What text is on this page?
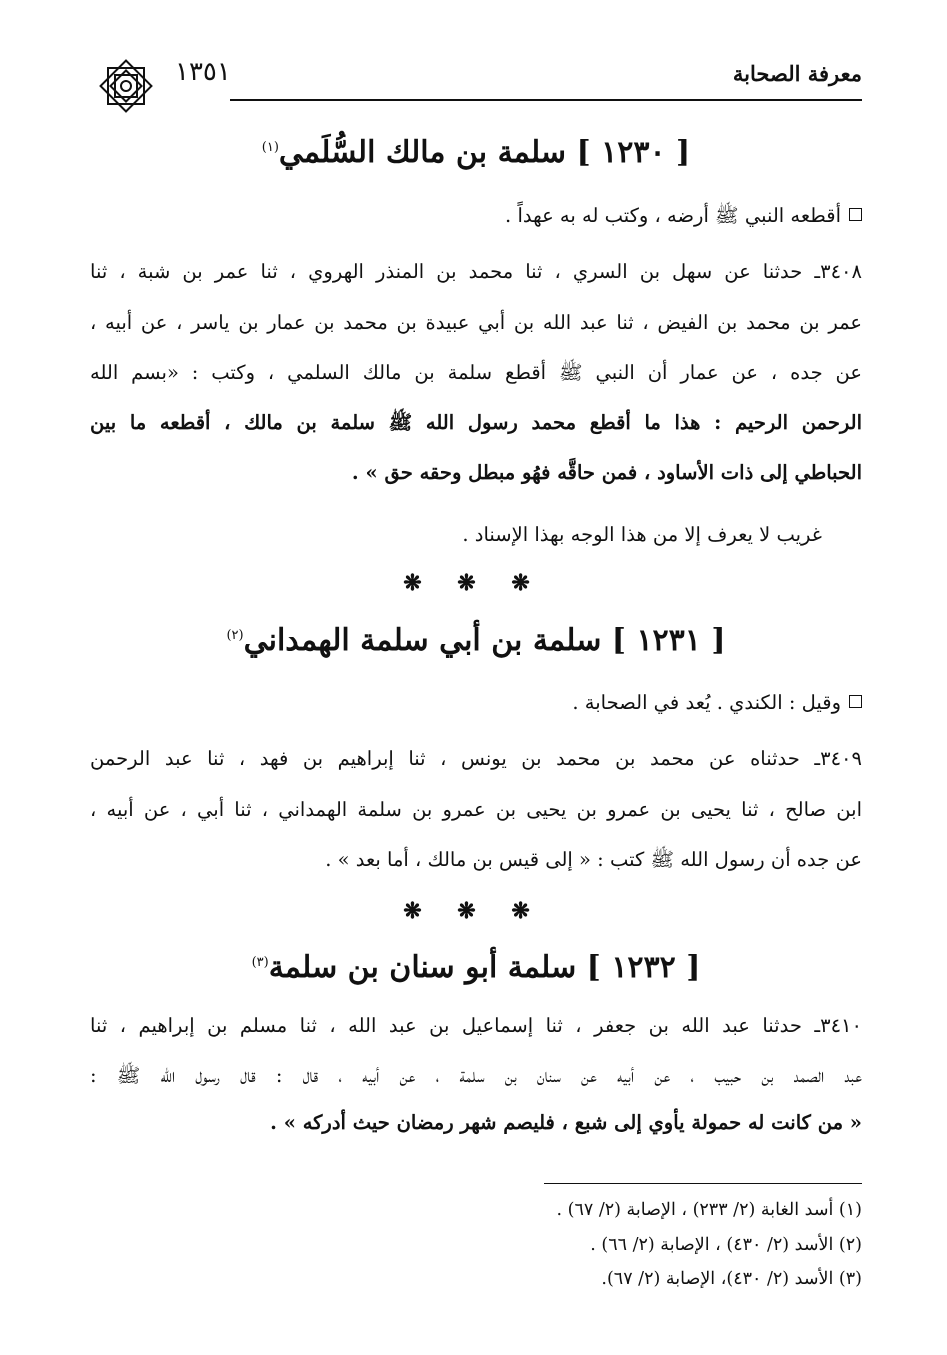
معرفة الصحابة
١٣٥١
[ ١٢٣٠ ] سلمة بن مالك السُّلَمي$^{(١)}$
أقطعه النبي ﷺ أرضه ، وكتب له به عهداً .
٣٤٠٨ـ حدثنا عن سهل بن السري ، ثنا محمد بن المنذر الهروي ، ثنا عمر بن شبة ، ثنا
عمر بن محمد بن الفيض ، ثنا عبد الله بن أبي عبيدة بن محمد بن عمار بن ياسر ، عن أبيه ،
عن جده ، عن عمار أن النبي ﷺ أقطع سلمة بن مالك السلمي ، وكتب : «بسم الله
الرحمن الرحيم : هذا ما أقطع محمد رسول الله ﷺ سلمة بن مالك ، أقطعه ما بين
الحباطي إلى ذات الأساود ، فمن حاقَّه فهُو مبطل وحقه حق » .
غريب لا يعرف إلا من هذا الوجه بهذا الإسناد .
❋ ❋ ❋
[ ١٢٣١ ] سلمة بن أبي سلمة الهمداني$^{(٢)}$
وقيل : الكندي . يُعد في الصحابة .
٣٤٠٩ـ حدثناه عن محمد بن محمد بن يونس ، ثنا إبراهيم بن فهد ، ثنا عبد الرحمن
ابن صالح ، ثنا يحيى بن عمرو بن يحيى بن عمرو بن سلمة الهمداني ، ثنا أبي ، عن أبيه ،
عن جده أن رسول الله ﷺ كتب : « إلى قيس بن مالك ، أما بعد » .
❋ ❋ ❋
[ ١٢٣٢ ] سلمة أبو سنان بن سلمة$^{(٣)}$
٣٤١٠ـ حدثنا عبد الله بن جعفر ، ثنا إسماعيل بن عبد الله ، ثنا مسلم بن إبراهيم ، ثنا
عبد الصمد بن حبيب ، عن أبيه عن سنان بن سلمة ، عن أبيه ، قال : قال رسول الله ﷺ :
« من كانت له حمولة يأوي إلى شبع ، فليصم شهر رمضان حيث أدركه » .
(١) أسد الغابة (٢/ ٢٣٣) ، الإصابة (٢/ ٦٧) .
(٢) الأسد (٢/ ٤٣٠) ، الإصابة (٢/ ٦٦) .
(٣) الأسد (٢/ ٤٣٠)، الإصابة (٢/ ٦٧).
